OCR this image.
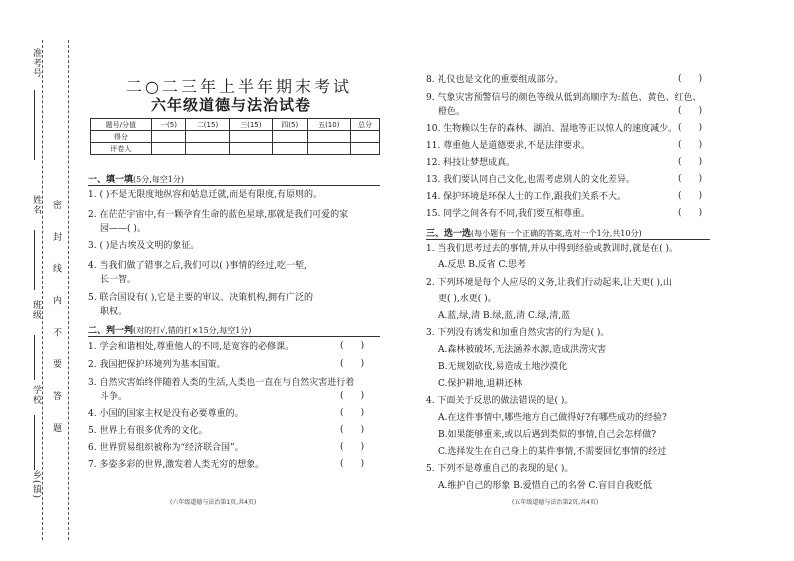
准考号
姓名
班级
学校
乡(镇)
密 封 线 内 不 要 答 题
二○二三年上半年期末考试
六年级道德与法治试卷
题号/分值	一(5)	二(15)	三(15)	四(5)	五(10)	总分
得分						
评卷人						
一、填一填(5分,每空1分)
1. ( )不是无限度地纵容和姑息迁就,而是有限度,有原则的。
2. 在茫茫宇宙中,有一颗孕育生命的蓝色星球,那就是我们可爱的家
园——( )。
3. ( )是古埃及文明的象征。
4. 当我们做了错事之后,我们可以( )事情的经过,吃一堑,
长一智。
5. 联合国设有( ),它是主要的审议、决策机构,拥有广泛的
职权。
二、判一判(对的打√,错的打×15分,每空1分)
1. 学会和谐相处,尊重他人的不同,是宽容的必修课。	(      )
2. 我国把保护环境列为基本国策。	(      )
3. 自然灾害始终伴随着人类的生活,人类也一直在与自然灾害进行着
斗争。	(      )
4. 小国的国家主权是没有必要尊重的。	(      )
5. 世界上有很多优秀的文化。	(      )
6. 世界贸易组织被称为“经济联合国”。	(      )
7. 多姿多彩的世界,激发着人类无穷的想象。	(      )
(六年级道德与法治第1页,共4页)
8. 礼仪也是文化的重要组成部分。	(      )
9. 气象灾害预警信号的颜色等级从低到高顺序为:蓝色、黄色、红色、
橙色。	(      )
10. 生物赖以生存的森林、湖泊、湿地等正以惊人的速度减少。 (      )
11. 尊重他人是道德要求,不是法律要求。	(      )
12. 科技让梦想成真。	(      )
13. 我们要认同自己文化,也需考虑别人的文化差异。	(      )
14. 保护环境是环保人士的工作,跟我们关系不大。	(      )
15. 同学之间各有不同,我们要互相尊重。	(      )
三、选一选(每小题有一个正确的答案,选对一个1分,共10分)
1. 当我们思考过去的事情,并从中得到经验或教训时,就是在( )。
A.反思 B.反省 C.思考
2. 下列环境是每个人应尽的义务,让我们行动起来,让天更( ),山
更( ),水更( )。
A.蓝,绿,清 B.绿,蓝,清 C.绿,清,蓝
3. 下列没有诱发和加重自然灾害的行为是( )。
A.森林被破坏,无法涵养水源,造成洪涝灾害
B.无规划砍伐,易造成土地沙漠化
C.保护耕地,退耕还林
4. 下面关于反思的做法错误的是( )。
A.在这件事情中,哪些地方自己做得好?有哪些成功的经验?
B.如果能够重来,或以后遇到类似的事情,自己会怎样做?
C.选择发生在自己身上的某件事情,不需要回忆事情的经过
5. 下列不是尊重自己的表现的是( )。
A.维护自己的形象 B.爱惜自己的名誉 C.盲目自我贬低
(五年级道德与法治第2页,共4页)
